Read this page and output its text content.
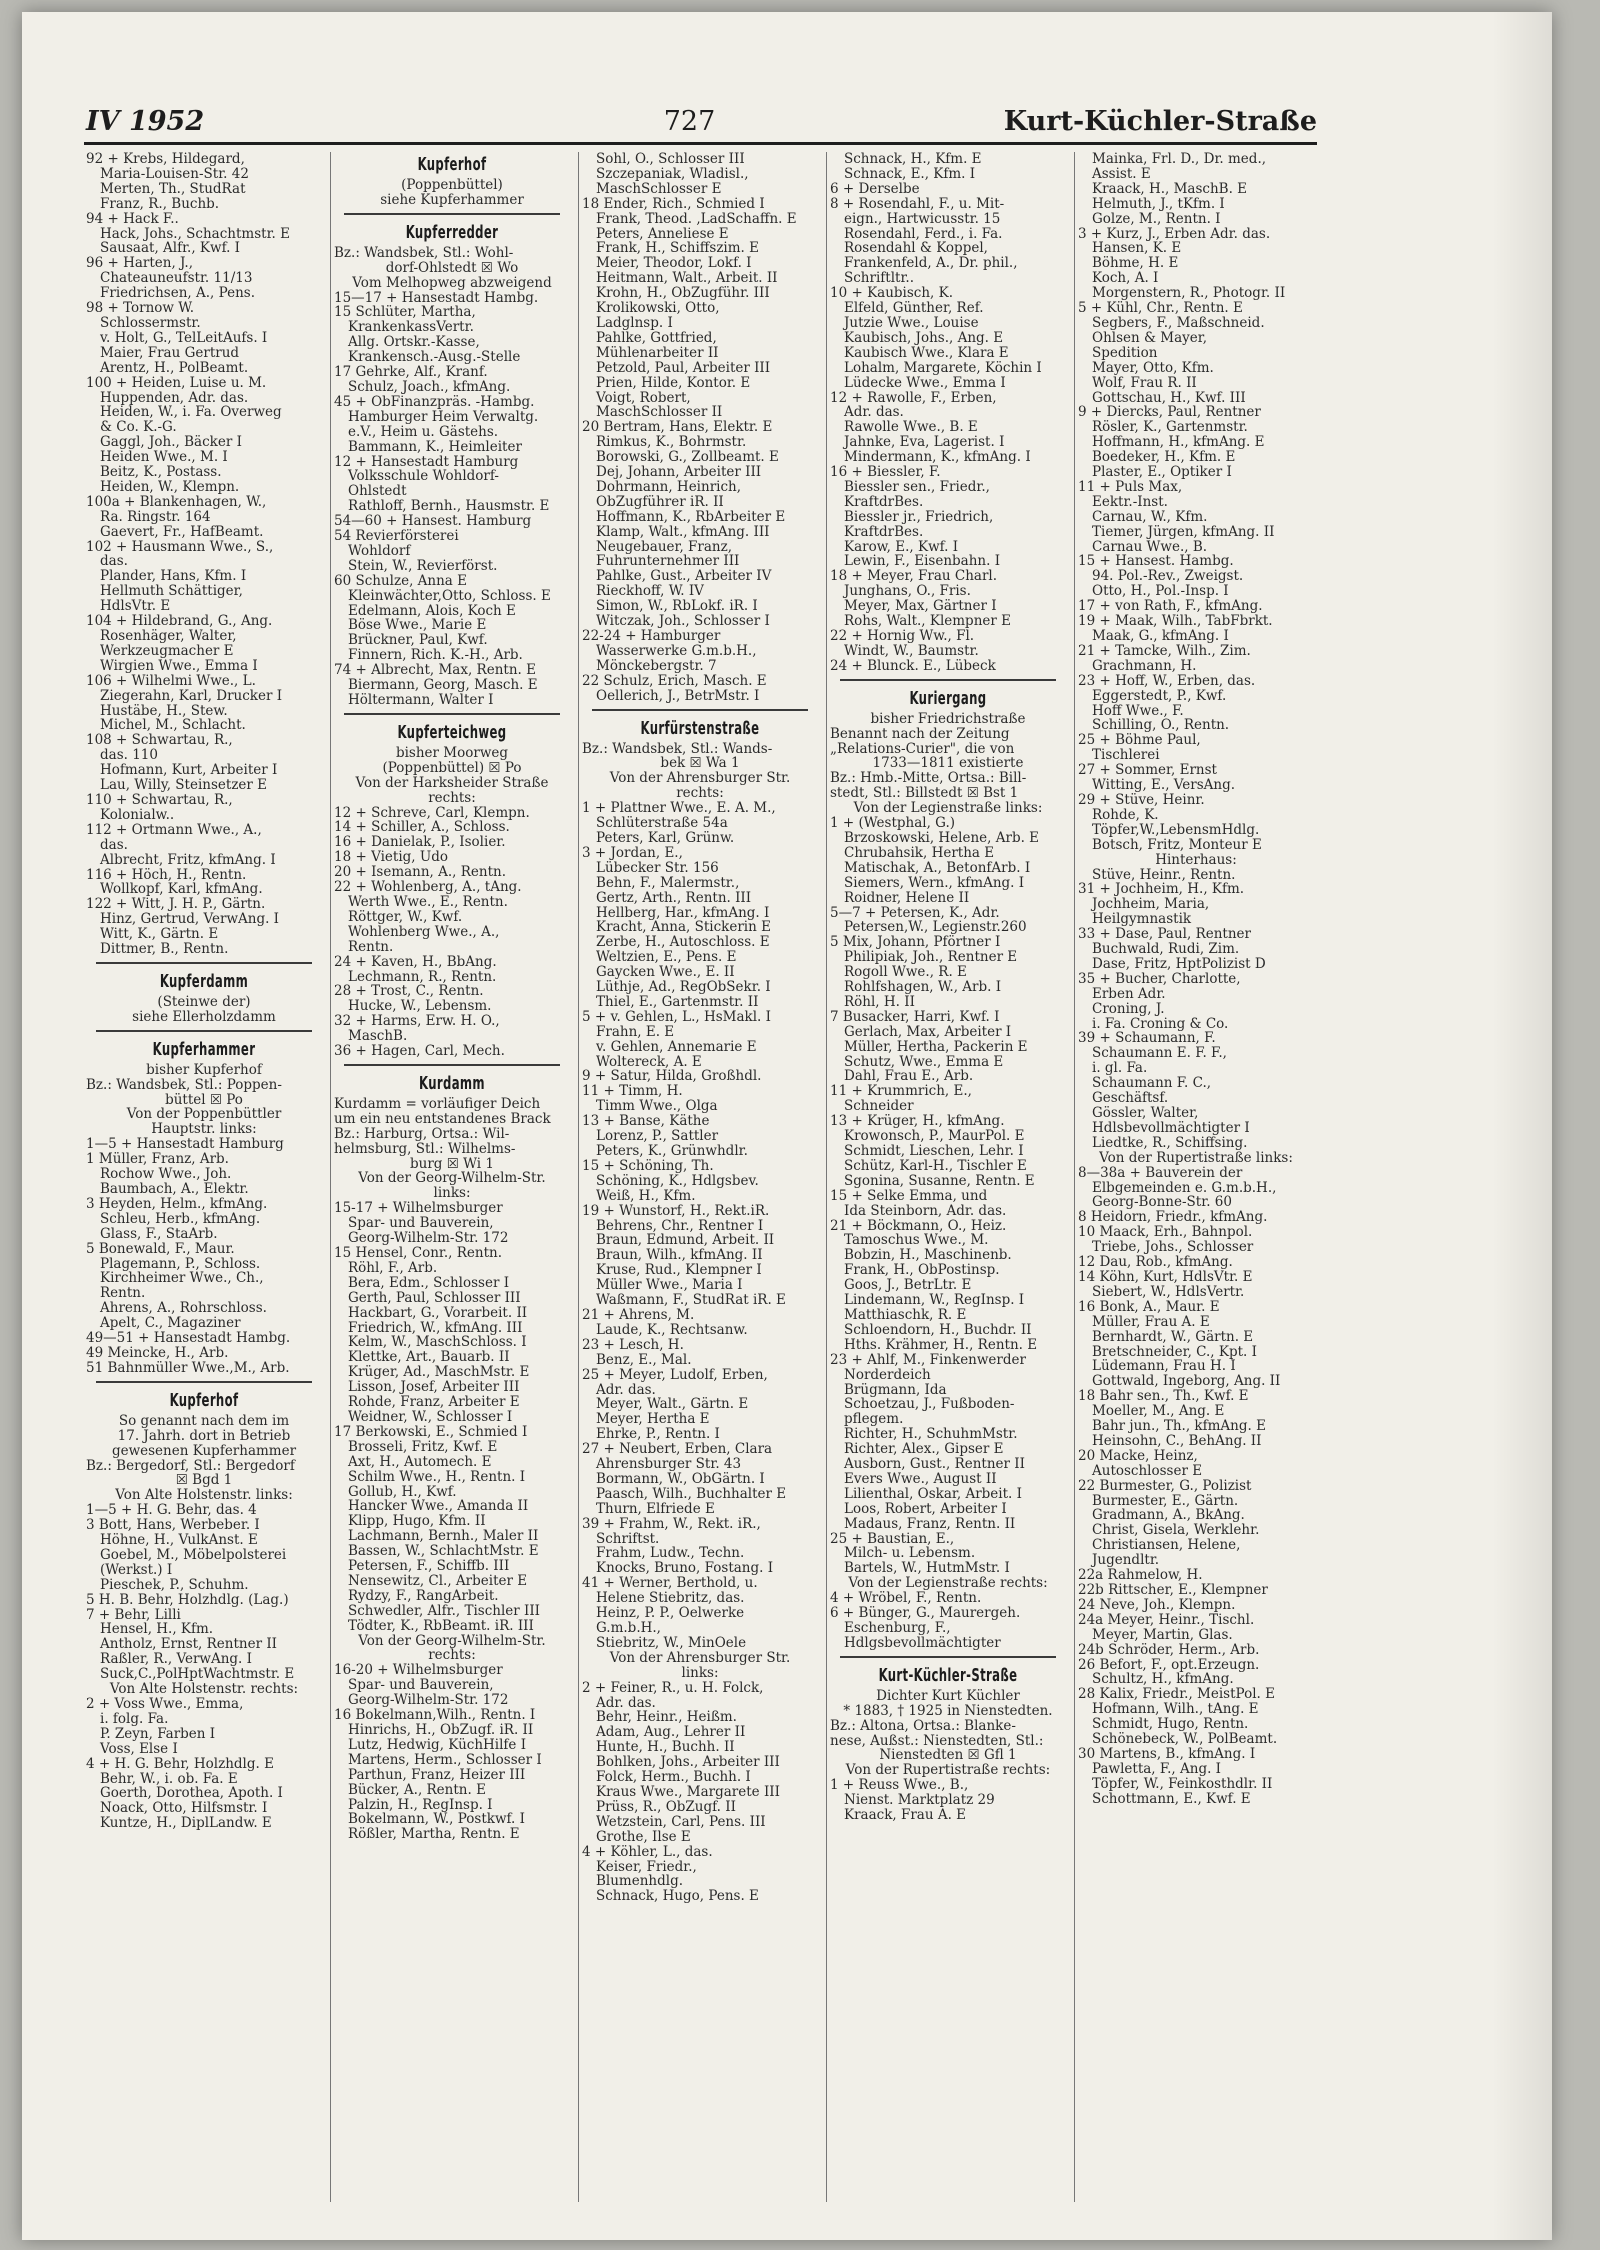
IV 1952	727	Kurt-Küchler-Straße
92 + Krebs, Hildegard,
Maria-Louisen-Str. 42
Merten, Th., StudRat
Franz, R., Buchb.
94 + Hack F..
Hack, Johs., Schachtmstr. E
Sausaat, Alfr., Kwf. I
96 + Harten, J.,
Chateauneufstr. 11/13
Friedrichsen, A., Pens.
98 + Tornow W.
Schlossermstr.
v. Holt, G., TelLeitAufs. I
Maier, Frau Gertrud
Arentz, H., PolBeamt.
100 + Heiden, Luise u. M.
Huppenden, Adr. das.
Heiden, W., i. Fa. Overweg
& Co. K.-G.
Gaggl, Joh., Bäcker I
Heiden Wwe., M. I
Beitz, K., Postass.
Heiden, W., Klempn.
100a + Blankenhagen, W.,
Ra. Ringstr. 164
Gaevert, Fr., HafBeamt.
102 + Hausmann Wwe., S.,
das.
Plander, Hans, Kfm. I
Hellmuth Schättiger,
HdlsVtr. E
104 + Hildebrand, G., Ang.
Rosenhäger, Walter,
Werkzeugmacher E
Wirgien Wwe., Emma I
106 + Wilhelmi Wwe., L.
Ziegerahn, Karl, Drucker I
Hustäbe, H., Stew.
Michel, M., Schlacht.
108 + Schwartau, R.,
das. 110
Hofmann, Kurt, Arbeiter I
Lau, Willy, Steinsetzer E
110 + Schwartau, R.,
Kolonialw..
112 + Ortmann Wwe., A.,
das.
Albrecht, Fritz, kfmAng. I
116 + Höch, H., Rentn.
Wollkopf, Karl, kfmAng.
122 + Witt, J. H. P., Gärtn.
Hinz, Gertrud, VerwAng. I
Witt, K., Gärtn. E
Dittmer, B., Rentn.
Kupferdamm
(Steinwe der)
siehe Ellerholzdamm
Kupferhammer
bisher Kupferhof
Bz.: Wandsbek, Stl.: Poppen-
büttel ☒ Po
Von der Poppenbüttler
Hauptstr. links:
1—5 + Hansestadt Hamburg
1 Müller, Franz, Arb.
Rochow Wwe., Joh.
Baumbach, A., Elektr.
3 Heyden, Helm., kfmAng.
Schleu, Herb., kfmAng.
Glass, F., StaArb.
5 Bonewald, F., Maur.
Plagemann, P., Schloss.
Kirchheimer Wwe., Ch.,
Rentn.
Ahrens, A., Rohrschloss.
Apelt, C., Magaziner
49—51 + Hansestadt Hambg.
49 Meincke, H., Arb.
51 Bahnmüller Wwe.,M., Arb.
Kupferhof
So genannt nach dem im
17. Jahrh. dort in Betrieb
gewesenen Kupferhammer
Bz.: Bergedorf, Stl.: Bergedorf
☒ Bgd 1
Von Alte Holstenstr. links:
1—5 + H. G. Behr, das. 4
3 Bott, Hans, Werbeber. I
Höhne, H., VulkAnst. E
Goebel, M., Möbelpolsterei
(Werkst.) I
Pieschek, P., Schuhm.
5 H. B. Behr, Holzhdlg. (Lag.)
7 + Behr, Lilli
Hensel, H., Kfm.
Antholz, Ernst, Rentner II
Raßler, R., VerwAng. I
Suck,C.,PolHptWachtmstr. E
Von Alte Holstenstr. rechts:
2 + Voss Wwe., Emma,
i. folg. Fa.
P. Zeyn, Farben I
Voss, Else I
4 + H. G. Behr, Holzhdlg. E
Behr, W., i. ob. Fa. E
Goerth, Dorothea, Apoth. I
Noack, Otto, Hilfsmstr. I
Kuntze, H., DiplLandw. E
Kupferhof
(Poppenbüttel)
siehe Kupferhammer
Kupferredder
Bz.: Wandsbek, Stl.: Wohl-
dorf-Ohlstedt ☒ Wo
Vom Melhopweg abzweigend
15—17 + Hansestadt Hambg.
15 Schlüter, Martha,
KrankenkassVertr.
Allg. Ortskr.-Kasse,
Krankensch.-Ausg.-Stelle
17 Gehrke, Alf., Kranf.
Schulz, Joach., kfmAng.
45 + ObFinanzpräs. -Hambg.
Hamburger Heim Verwaltg.
e.V., Heim u. Gästehs.
Bammann, K., Heimleiter
12 + Hansestadt Hamburg
Volksschule Wohldorf-
Ohlstedt
Rathloff, Bernh., Hausmstr. E
54—60 + Hansest. Hamburg
54 Revierförsterei
Wohldorf
Stein, W., Revierförst.
60 Schulze, Anna E
Kleinwächter,Otto, Schloss. E
Edelmann, Alois, Koch E
Böse Wwe., Marie E
Brückner, Paul, Kwf.
Finnern, Rich. K.-H., Arb.
74 + Albrecht, Max, Rentn. E
Biermann, Georg, Masch. E
Höltermann, Walter I
Kupferteichweg
bisher Moorweg
(Poppenbüttel) ☒ Po
Von der Harksheider Straße
rechts:
12 + Schreve, Carl, Klempn.
14 + Schiller, A., Schloss.
16 + Danielak, P., Isolier.
18 + Vietig, Udo
20 + Isemann, A., Rentn.
22 + Wohlenberg, A., tAng.
Werth Wwe., E., Rentn.
Röttger, W., Kwf.
Wohlenberg Wwe., A.,
Rentn.
24 + Kaven, H., BbAng.
Lechmann, R., Rentn.
28 + Trost, C., Rentn.
Hucke, W., Lebensm.
32 + Harms, Erw. H. O.,
MaschB.
36 + Hagen, Carl, Mech.
Kurdamm
Kurdamm = vorläufiger Deich
um ein neu entstandenes Brack
Bz.: Harburg, Ortsa.: Wil-
helmsburg, Stl.: Wilhelms-
burg ☒ Wi 1
Von der Georg-Wilhelm-Str.
links:
15-17 + Wilhelmsburger
Spar- und Bauverein,
Georg-Wilhelm-Str. 172
15 Hensel, Conr., Rentn.
Röhl, F., Arb.
Bera, Edm., Schlosser I
Gerth, Paul, Schlosser III
Hackbart, G., Vorarbeit. II
Friedrich, W., kfmAng. III
Kelm, W., MaschSchloss. I
Klettke, Art., Bauarb. II
Krüger, Ad., MaschMstr. E
Lisson, Josef, Arbeiter III
Rohde, Franz, Arbeiter E
Weidner, W., Schlosser I
17 Berkowski, E., Schmied I
Brosseli, Fritz, Kwf. E
Axt, H., Automech. E
Schilm Wwe., H., Rentn. I
Gollub, H., Kwf.
Hancker Wwe., Amanda II
Klipp, Hugo, Kfm. II
Lachmann, Bernh., Maler II
Bassen, W., SchlachtMstr. E
Petersen, F., Schiffb. III
Nensewitz, Cl., Arbeiter E
Rydzy, F., RangArbeit.
Schwedler, Alfr., Tischler III
Tödter, K., RbBeamt. iR. III
Von der Georg-Wilhelm-Str.
rechts:
16-20 + Wilhelmsburger
Spar- und Bauverein,
Georg-Wilhelm-Str. 172
16 Bokelmann,Wilh., Rentn. I
Hinrichs, H., ObZugf. iR. II
Lutz, Hedwig, KüchHilfe I
Martens, Herm., Schlosser I
Parthun, Franz, Heizer III
Bücker, A., Rentn. E
Palzin, H., RegInsp. I
Bokelmann, W., Postkwf. I
Rößler, Martha, Rentn. E
Sohl, O., Schlosser III
Szczepaniak, Wladisl.,
MaschSchlosser E
18 Ender, Rich., Schmied I
Frank, Theod. ,LadSchaffn. E
Peters, Anneliese E
Frank, H., Schiffszim. E
Meier, Theodor, Lokf. I
Heitmann, Walt., Arbeit. II
Krohn, H., ObZugführ. III
Krolikowski, Otto,
Ladglnsp. I
Pahlke, Gottfried,
Mühlenarbeiter II
Petzold, Paul, Arbeiter III
Prien, Hilde, Kontor. E
Voigt, Robert,
MaschSchlosser II
20 Bertram, Hans, Elektr. E
Rimkus, K., Bohrmstr.
Borowski, G., Zollbeamt. E
Dej, Johann, Arbeiter III
Dohrmann, Heinrich,
ObZugführer iR. II
Hoffmann, K., RbArbeiter E
Klamp, Walt., kfmAng. III
Neugebauer, Franz,
Fuhrunternehmer III
Pahlke, Gust., Arbeiter IV
Rieckhoff, W. IV
Simon, W., RbLokf. iR. I
Witczak, Joh., Schlosser I
22-24 + Hamburger
Wasserwerke G.m.b.H.,
Mönckebergstr. 7
22 Schulz, Erich, Masch. E
Oellerich, J., BetrMstr. I
Kurfürstenstraße
Bz.: Wandsbek, Stl.: Wands-
bek ☒ Wa 1
Von der Ahrensburger Str.
rechts:
1 + Plattner Wwe., E. A. M.,
Schlüterstraße 54a
Peters, Karl, Grünw.
3 + Jordan, E.,
Lübecker Str. 156
Behn, F., Malermstr.,
Gertz, Arth., Rentn. III
Hellberg, Har., kfmAng. I
Kracht, Anna, Stickerin E
Zerbe, H., Autoschloss. E
Weltzien, E., Pens. E
Gaycken Wwe., E. II
Lüthje, Ad., RegObSekr. I
Thiel, E., Gartenmstr. II
5 + v. Gehlen, L., HsMakl. I
Frahn, E. E
v. Gehlen, Annemarie E
Woltereck, A. E
9 + Satur, Hilda, Großhdl.
11 + Timm, H.
Timm Wwe., Olga
13 + Banse, Käthe
Lorenz, P., Sattler
Peters, K., Grünwhdlr.
15 + Schöning, Th.
Schöning, K., Hdlgsbev.
Weiß, H., Kfm.
19 + Wunstorf, H., Rekt.iR.
Behrens, Chr., Rentner I
Braun, Edmund, Arbeit. II
Braun, Wilh., kfmAng. II
Kruse, Rud., Klempner I
Müller Wwe., Maria I
Waßmann, F., StudRat iR. E
21 + Ahrens, M.
Laude, K., Rechtsanw.
23 + Lesch, H.
Benz, E., Mal.
25 + Meyer, Ludolf, Erben,
Adr. das.
Meyer, Walt., Gärtn. E
Meyer, Hertha E
Ehrke, P., Rentn. I
27 + Neubert, Erben, Clara
Ahrensburger Str. 43
Bormann, W., ObGärtn. I
Paasch, Wilh., Buchhalter E
Thurn, Elfriede E
39 + Frahm, W., Rekt. iR.,
Schriftst.
Frahm, Ludw., Techn.
Knocks, Bruno, Fostang. I
41 + Werner, Berthold, u.
Helene Stiebritz, das.
Heinz, P. P., Oelwerke
G.m.b.H.,
Stiebritz, W., MinOele
Von der Ahrensburger Str.
links:
2 + Feiner, R., u. H. Folck,
Adr. das.
Behr, Heinr., Heißm.
Adam, Aug., Lehrer II
Hunte, H., Buchh. II
Bohlken, Johs., Arbeiter III
Folck, Herm., Buchh. I
Kraus Wwe., Margarete III
Prüss, R., ObZugf. II
Wetzstein, Carl, Pens. III
Grothe, Ilse E
4 + Köhler, L., das.
Keiser, Friedr.,
Blumenhdlg.
Schnack, Hugo, Pens. E
Schnack, H., Kfm. E
Schnack, E., Kfm. I
6 + Derselbe
8 + Rosendahl, F., u. Mit-
eign., Hartwicusstr. 15
Rosendahl, Ferd., i. Fa.
Rosendahl & Koppel,
Frankenfeld, A., Dr. phil.,
Schriftltr..
10 + Kaubisch, K.
Elfeld, Günther, Ref.
Jutzie Wwe., Louise
Kaubisch, Johs., Ang. E
Kaubisch Wwe., Klara E
Lohalm, Margarete, Köchin I
Lüdecke Wwe., Emma I
12 + Rawolle, F., Erben,
Adr. das.
Rawolle Wwe., B. E
Jahnke, Eva, Lagerist. I
Mindermann, K., kfmAng. I
16 + Biessler, F.
Biessler sen., Friedr.,
KraftdrBes.
Biessler jr., Friedrich,
KraftdrBes.
Karow, E., Kwf. I
Lewin, F., Eisenbahn. I
18 + Meyer, Frau Charl.
Junghans, O., Fris.
Meyer, Max, Gärtner I
Rohs, Walt., Klempner E
22 + Hornig Ww., Fl.
Windt, W., Baumstr.
24 + Blunck. E., Lübeck
Kuriergang
bisher Friedrichstraße
Benannt nach der Zeitung
„Relations-Curier", die von
1733—1811 existierte
Bz.: Hmb.-Mitte, Ortsa.: Bill-
stedt, Stl.: Billstedt ☒ Bst 1
Von der Legienstraße links:
1 + (Westphal, G.)
Brzoskowski, Helene, Arb. E
Chrubahsik, Hertha E
Matischak, A., BetonfArb. I
Siemers, Wern., kfmAng. I
Roidner, Helene II
5—7 + Petersen, K., Adr.
Petersen,W., Legienstr.260
5 Mix, Johann, Pförtner I
Philipiak, Joh., Rentner E
Rogoll Wwe., R. E
Rohlfshagen, W., Arb. I
Röhl, H. II
7 Busacker, Harri, Kwf. I
Gerlach, Max, Arbeiter I
Müller, Hertha, Packerin E
Schutz, Wwe., Emma E
Dahl, Frau E., Arb.
11 + Krummrich, E.,
Schneider
13 + Krüger, H., kfmAng.
Krowonsch, P., MaurPol. E
Schmidt, Lieschen, Lehr. I
Schütz, Karl-H., Tischler E
Sgonina, Susanne, Rentn. E
15 + Selke Emma, und
Ida Steinborn, Adr. das.
21 + Böckmann, O., Heiz.
Tamoschus Wwe., M.
Bobzin, H., Maschinenb.
Frank, H., ObPostinsp.
Goos, J., BetrLtr. E
Lindemann, W., RegInsp. I
Matthiaschk, R. E
Schloendorn, H., Buchdr. II
Hths. Krähmer, H., Rentn. E
23 + Ahlf, M., Finkenwerder
Norderdeich
Brügmann, Ida
Schoetzau, J., Fußboden-
pflegem.
Richter, H., SchuhmMstr.
Richter, Alex., Gipser E
Ausborn, Gust., Rentner II
Evers Wwe., August II
Lilienthal, Oskar, Arbeit. I
Loos, Robert, Arbeiter I
Madaus, Franz, Rentn. II
25 + Baustian, E.,
Milch- u. Lebensm.
Bartels, W., HutmMstr. I
Von der Legienstraße rechts:
4 + Wröbel, F., Rentn.
6 + Bünger, G., Maurergeh.
Eschenburg, F.,
Hdlgsbevollmächtigter
Kurt-Küchler-Straße
Dichter Kurt Küchler
* 1883, † 1925 in Nienstedten.
Bz.: Altona, Ortsa.: Blanke-
nese, Außst.: Nienstedten, Stl.:
Nienstedten ☒ Gfl 1
Von der Rupertistraße rechts:
1 + Reuss Wwe., B.,
Nienst. Marktplatz 29
Kraack, Frau A. E
Mainka, Frl. D., Dr. med.,
Assist. E
Kraack, H., MaschB. E
Helmuth, J., tKfm. I
Golze, M., Rentn. I
3 + Kurz, J., Erben Adr. das.
Hansen, K. E
Böhme, H. E
Koch, A. I
Morgenstern, R., Photogr. II
5 + Kühl, Chr., Rentn. E
Segbers, F., Maßschneid.
Ohlsen & Mayer,
Spedition
Mayer, Otto, Kfm.
Wolf, Frau R. II
Gottschau, H., Kwf. III
9 + Diercks, Paul, Rentner
Rösler, K., Gartenmstr.
Hoffmann, H., kfmAng. E
Boedeker, H., Kfm. E
Plaster, E., Optiker I
11 + Puls Max,
Eektr.-Inst.
Carnau, W., Kfm.
Tiemer, Jürgen, kfmAng. II
Carnau Wwe., B.
15 + Hansest. Hambg.
94. Pol.-Rev., Zweigst.
Otto, H., Pol.-Insp. I
17 + von Rath, F., kfmAng.
19 + Maak, Wilh., TabFbrkt.
Maak, G., kfmAng. I
21 + Tamcke, Wilh., Zim.
Grachmann, H.
23 + Hoff, W., Erben, das.
Eggerstedt, P., Kwf.
Hoff Wwe., F.
Schilling, O., Rentn.
25 + Böhme Paul,
Tischlerei
27 + Sommer, Ernst
Witting, E., VersAng.
29 + Stüve, Heinr.
Rohde, K.
Töpfer,W.,LebensmHdlg.
Botsch, Fritz, Monteur E
Hinterhaus:
Stüve, Heinr., Rentn.
31 + Jochheim, H., Kfm.
Jochheim, Maria,
Heilgymnastik
33 + Dase, Paul, Rentner
Buchwald, Rudi, Zim.
Dase, Fritz, HptPolizist D
35 + Bucher, Charlotte,
Erben Adr.
Croning, J.
i. Fa. Croning & Co.
39 + Schaumann, F.
Schaumann E. F. F.,
i. gl. Fa.
Schaumann F. C.,
Geschäftsf.
Gössler, Walter,
Hdlsbevollmächtigter I
Liedtke, R., Schiffsing.
Von der Rupertistraße links:
8—38a + Bauverein der
Elbgemeinden e. G.m.b.H.,
Georg-Bonne-Str. 60
8 Heidorn, Friedr., kfmAng.
10 Maack, Erh., Bahnpol.
Triebe, Johs., Schlosser
12 Dau, Rob., kfmAng.
14 Köhn, Kurt, HdlsVtr. E
Siebert, W., HdlsVertr.
16 Bonk, A., Maur. E
Müller, Frau A. E
Bernhardt, W., Gärtn. E
Bretschneider, C., Kpt. I
Lüdemann, Frau H. I
Gottwald, Ingeborg, Ang. II
18 Bahr sen., Th., Kwf. E
Moeller, M., Ang. E
Bahr jun., Th., kfmAng. E
Heinsohn, C., BehAng. II
20 Macke, Heinz,
Autoschlosser E
22 Burmester, G., Polizist
Burmester, E., Gärtn.
Gradmann, A., BkAng.
Christ, Gisela, Werklehr.
Christiansen, Helene,
Jugendltr.
22a Rahmelow, H.
22b Rittscher, E., Klempner
24 Neve, Joh., Klempn.
24a Meyer, Heinr., Tischl.
Meyer, Martin, Glas.
24b Schröder, Herm., Arb.
26 Befort, F., opt.Erzeugn.
Schultz, H., kfmAng.
28 Kalix, Friedr., MeistPol. E
Hofmann, Wilh., tAng. E
Schmidt, Hugo, Rentn.
Schönebeck, W., PolBeamt.
30 Martens, B., kfmAng. I
Pawletta, F., Ang. I
Töpfer, W., Feinkosthdlr. II
Schottmann, E., Kwf. E
